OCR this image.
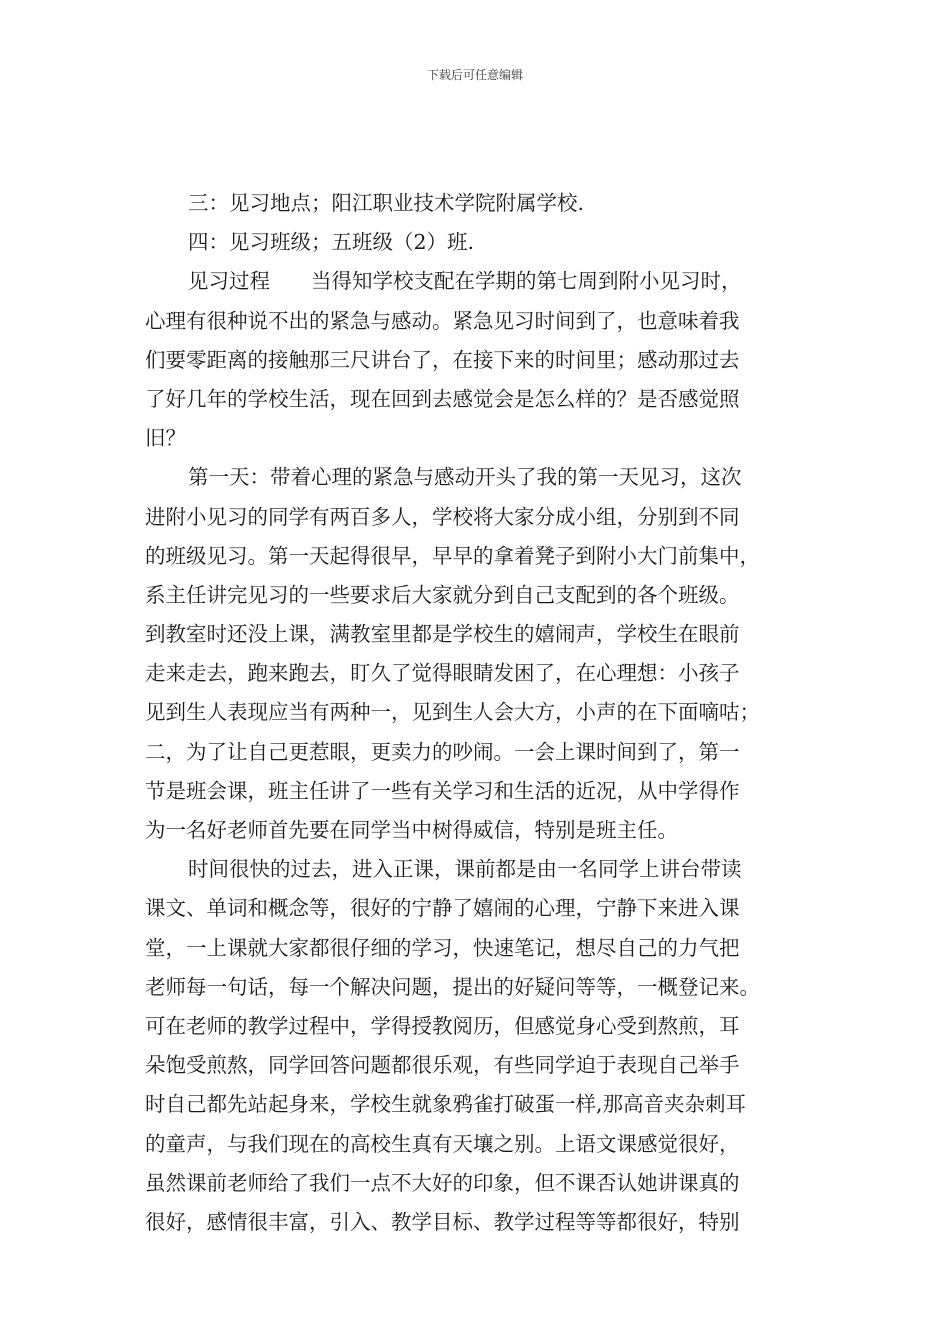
下载后可任意编辑
三：见习地点；阳江职业技术学院附属学校.
四：见习班级；五班级（2）班.
见习过程　　当得知学校支配在学期的第七周到附小见习时，
心理有很种说不出的紧急与感动。紧急见习时间到了，也意味着我
们要零距离的接触那三尺讲台了，在接下来的时间里；感动那过去
了好几年的学校生活，现在回到去感觉会是怎么样的？是否感觉照
旧？
第一天：带着心理的紧急与感动开头了我的第一天见习，这次
进附小见习的同学有两百多人，学校将大家分成小组，分别到不同
的班级见习。第一天起得很早，早早的拿着凳子到附小大门前集中，
系主任讲完见习的一些要求后大家就分到自己支配到的各个班级。
到教室时还没上课，满教室里都是学校生的嬉闹声，学校生在眼前
走来走去，跑来跑去，盯久了觉得眼睛发困了，在心理想：小孩子
见到生人表现应当有两种一，见到生人会大方，小声的在下面嘀咕；
二，为了让自己更惹眼，更卖力的吵闹。一会上课时间到了，第一
节是班会课，班主任讲了一些有关学习和生活的近况，从中学得作
为一名好老师首先要在同学当中树得威信，特别是班主任。
时间很快的过去，进入正课，课前都是由一名同学上讲台带读
课文、单词和概念等，很好的宁静了嬉闹的心理，宁静下来进入课
堂，一上课就大家都很仔细的学习，快速笔记，想尽自己的力气把
老师每一句话，每一个解决问题，提出的好疑问等等，一概登记来。
可在老师的教学过程中，学得授教阅历，但感觉身心受到熬煎，耳
朵饱受煎熬，同学回答问题都很乐观，有些同学迫于表现自己举手
时自己都先站起身来，学校生就象鸦雀打破蛋一样,那高音夹杂刺耳
的童声，与我们现在的高校生真有天壤之别。上语文课感觉很好，
虽然课前老师给了我们一点不大好的印象，但不课否认她讲课真的
很好，感情很丰富，引入、教学目标、教学过程等等都很好，特别
